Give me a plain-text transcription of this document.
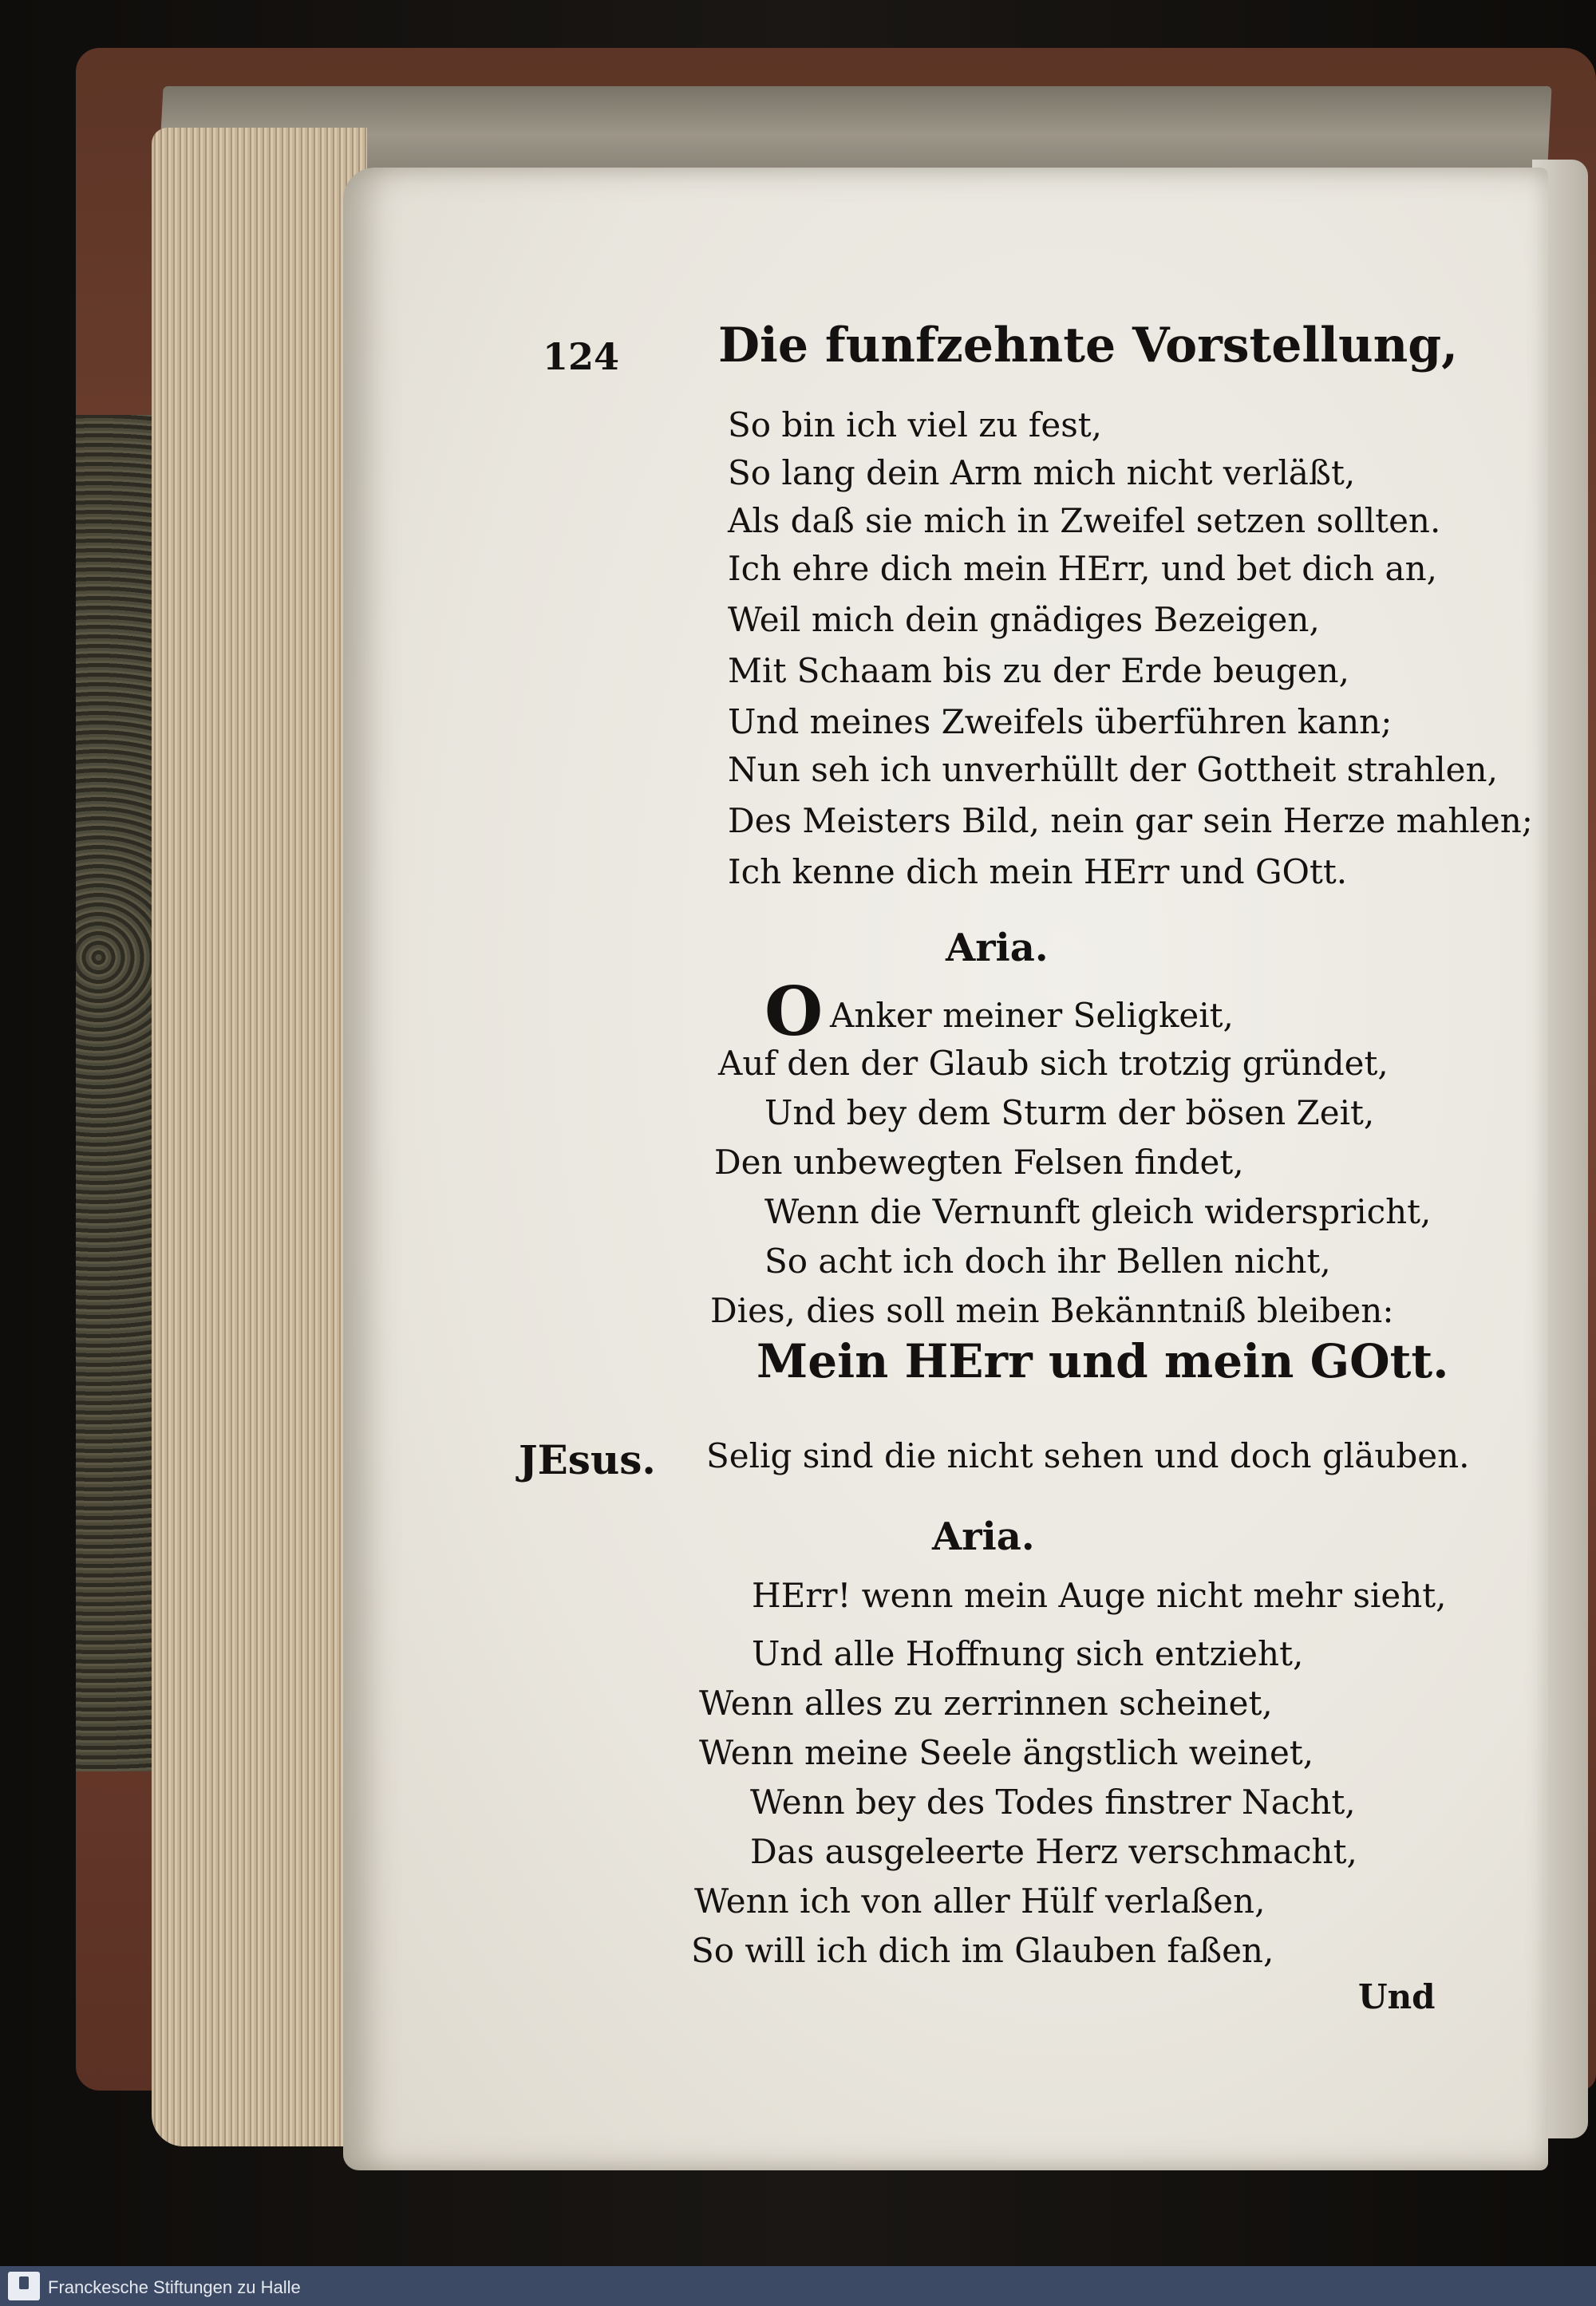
124 Die funfzehnte Vorstellung,
So bin ich viel zu fest,
So lang dein Arm mich nicht verläßt,
Als daß sie mich in Zweifel setzen sollten.
Ich ehre dich mein HErr, und bet dich an,
Weil mich dein gnädiges Bezeigen,
Mit Schaam bis zu der Erde beugen,
Und meines Zweifels überführen kann;
Nun seh ich unverhüllt der Gottheit strahlen,
Des Meisters Bild, nein gar sein Herze mahlen;
Ich kenne dich mein HErr und GOtt.
Aria.
O Anker meiner Seligkeit,
Auf den der Glaub sich trotzig gründet,
Und bey dem Sturm der bösen Zeit,
Den unbewegten Felsen findet,
Wenn die Vernunft gleich widerspricht,
So acht ich doch ihr Bellen nicht,
Dies, dies soll mein Bekänntniß bleiben:
Mein HErr und mein GOtt.
JEsus. Selig sind die nicht sehen und doch gläuben.
Aria.
HErr! wenn mein Auge nicht mehr sieht,
Und alle Hoffnung sich entzieht,
Wenn alles zu zerrinnen scheinet,
Wenn meine Seele ängstlich weinet,
Wenn bey des Todes finstrer Nacht,
Das ausgeleerte Herz verschmacht,
Wenn ich von aller Hülf verlaßen,
So will ich dich im Glauben faßen,
Und
Franckesche Stiftungen zu Halle
